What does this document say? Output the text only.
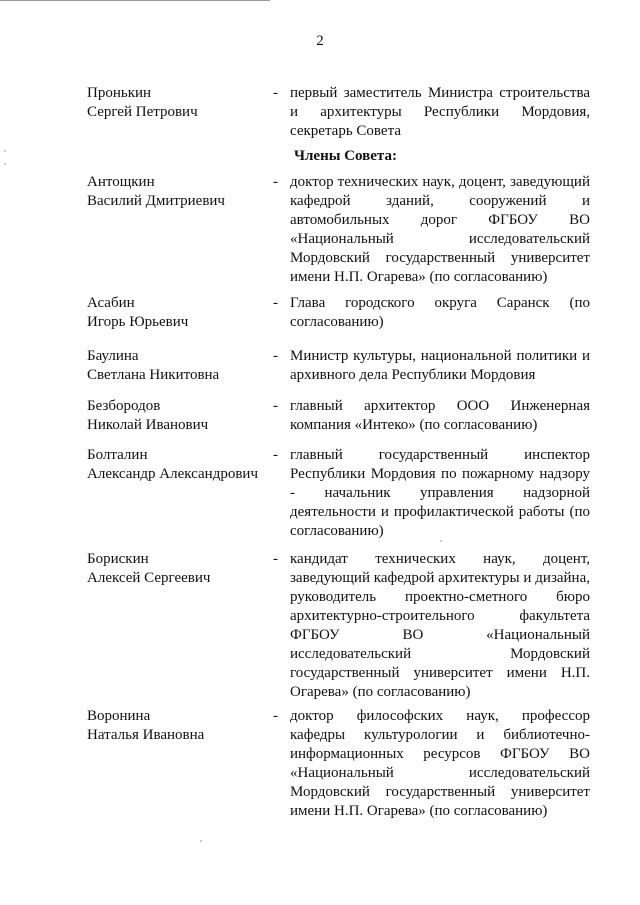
2
Пронькин
Сергей Петрович
- первый заместитель Министра строительства и архитектуры Республики Мордовия, секретарь Совета
Члены Совета:
Антощкин
Василий Дмитриевич
- доктор технических наук, доцент, заведующий кафедрой зданий, сооружений и автомобильных дорог ФГБОУ ВО «Национальный исследовательский Мордовский государственный университет имени Н.П. Огарева» (по согласованию)
Асабин
Игорь Юрьевич
- Глава городского округа Саранск (по согласованию)
Баулина
Светлана Никитовна
- Министр культуры, национальной политики и архивного дела Республики Мордовия
Безбородов
Николай Иванович
- главный архитектор ООО Инженерная компания «Интеко» (по согласованию)
Болталин
Александр Александрович
- главный государственный инспектор Республики Мордовия по пожарному надзору - начальник управления надзорной деятельности и профилактической работы (по согласованию)
Борискин
Алексей Сергеевич
- кандидат технических наук, доцент, заведующий кафедрой архитектуры и дизайна, руководитель проектно-сметного бюро архитектурно-строительного факультета ФГБОУ ВО «Национальный исследовательский Мордовский государственный университет имени Н.П. Огарева» (по согласованию)
Воронина
Наталья Ивановна
- доктор философских наук, профессор кафедры культурологии и библиотечно-информационных ресурсов ФГБОУ ВО «Национальный исследовательский Мордовский государственный университет имени Н.П. Огарева» (по согласованию)
